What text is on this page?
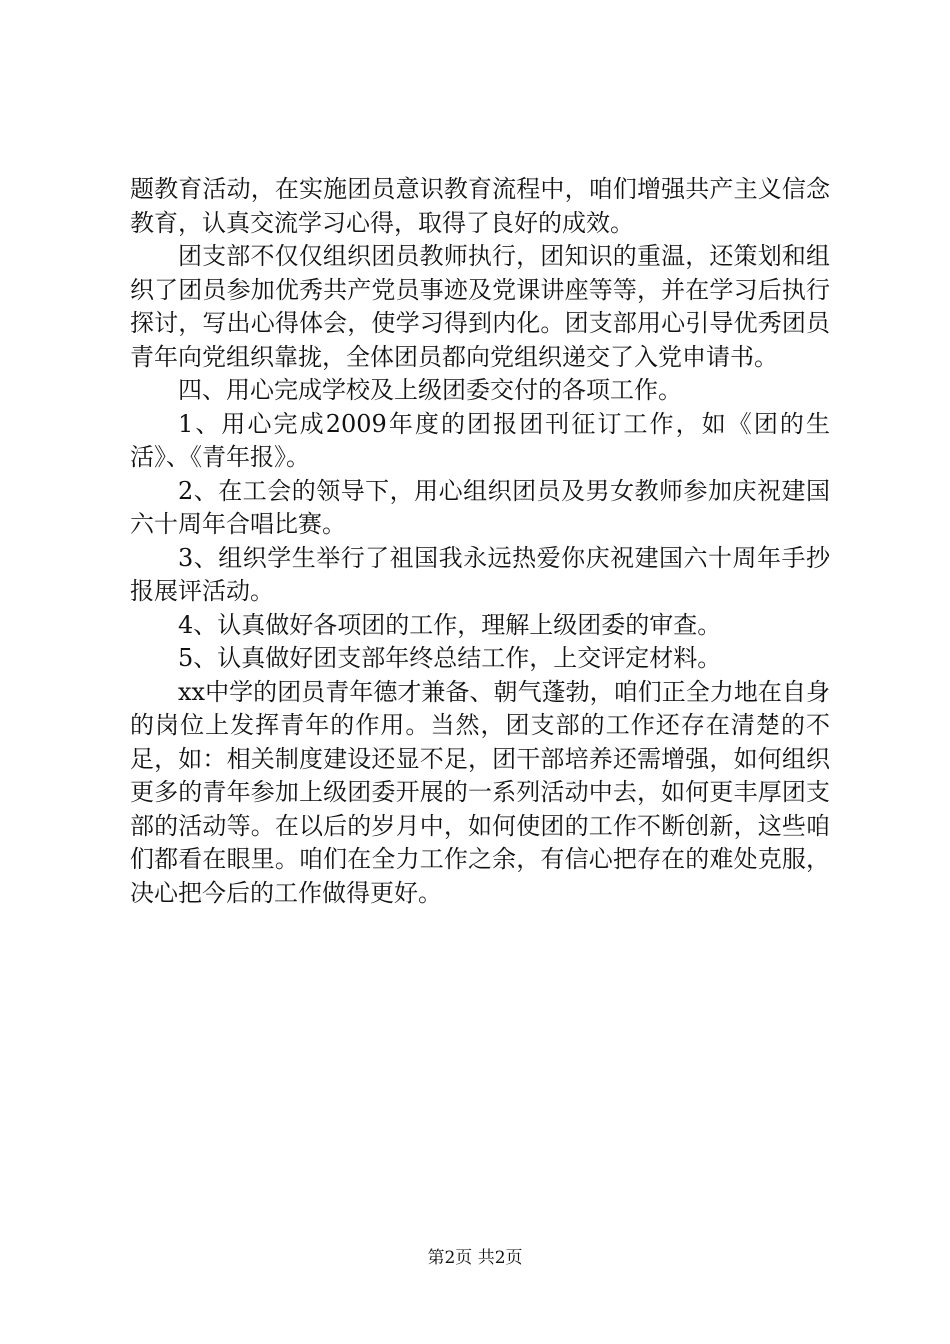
题教育活动，在实施团员意识教育流程中，咱们增强共产主义信念教育，认真交流学习心得，取得了良好的成效。

团支部不仅仅组织团员教师执行，团知识的重温，还策划和组织了团员参加优秀共产党员事迹及党课讲座等等，并在学习后执行探讨，写出心得体会，使学习得到内化。团支部用心引导优秀团员青年向党组织靠拢，全体团员都向党组织递交了入党申请书。

四、用心完成学校及上级团委交付的各项工作。

1、用心完成2009年度的团报团刊征订工作，如《团的生活》、《青年报》。

2、在工会的领导下，用心组织团员及男女教师参加庆祝建国六十周年合唱比赛。

3、组织学生举行了祖国我永远热爱你庆祝建国六十周年手抄报展评活动。

4、认真做好各项团的工作，理解上级团委的审查。

5、认真做好团支部年终总结工作，上交评定材料。

xx中学的团员青年德才兼备、朝气蓬勃，咱们正全力地在自身的岗位上发挥青年的作用。当然，团支部的工作还存在清楚的不足，如：相关制度建设还显不足，团干部培养还需增强，如何组织更多的青年参加上级团委开展的一系列活动中去，如何更丰厚团支部的活动等。在以后的岁月中，如何使团的工作不断创新，这些咱们都看在眼里。咱们在全力工作之余，有信心把存在的难处克服，决心把今后的工作做得更好。

第2页 共2页
